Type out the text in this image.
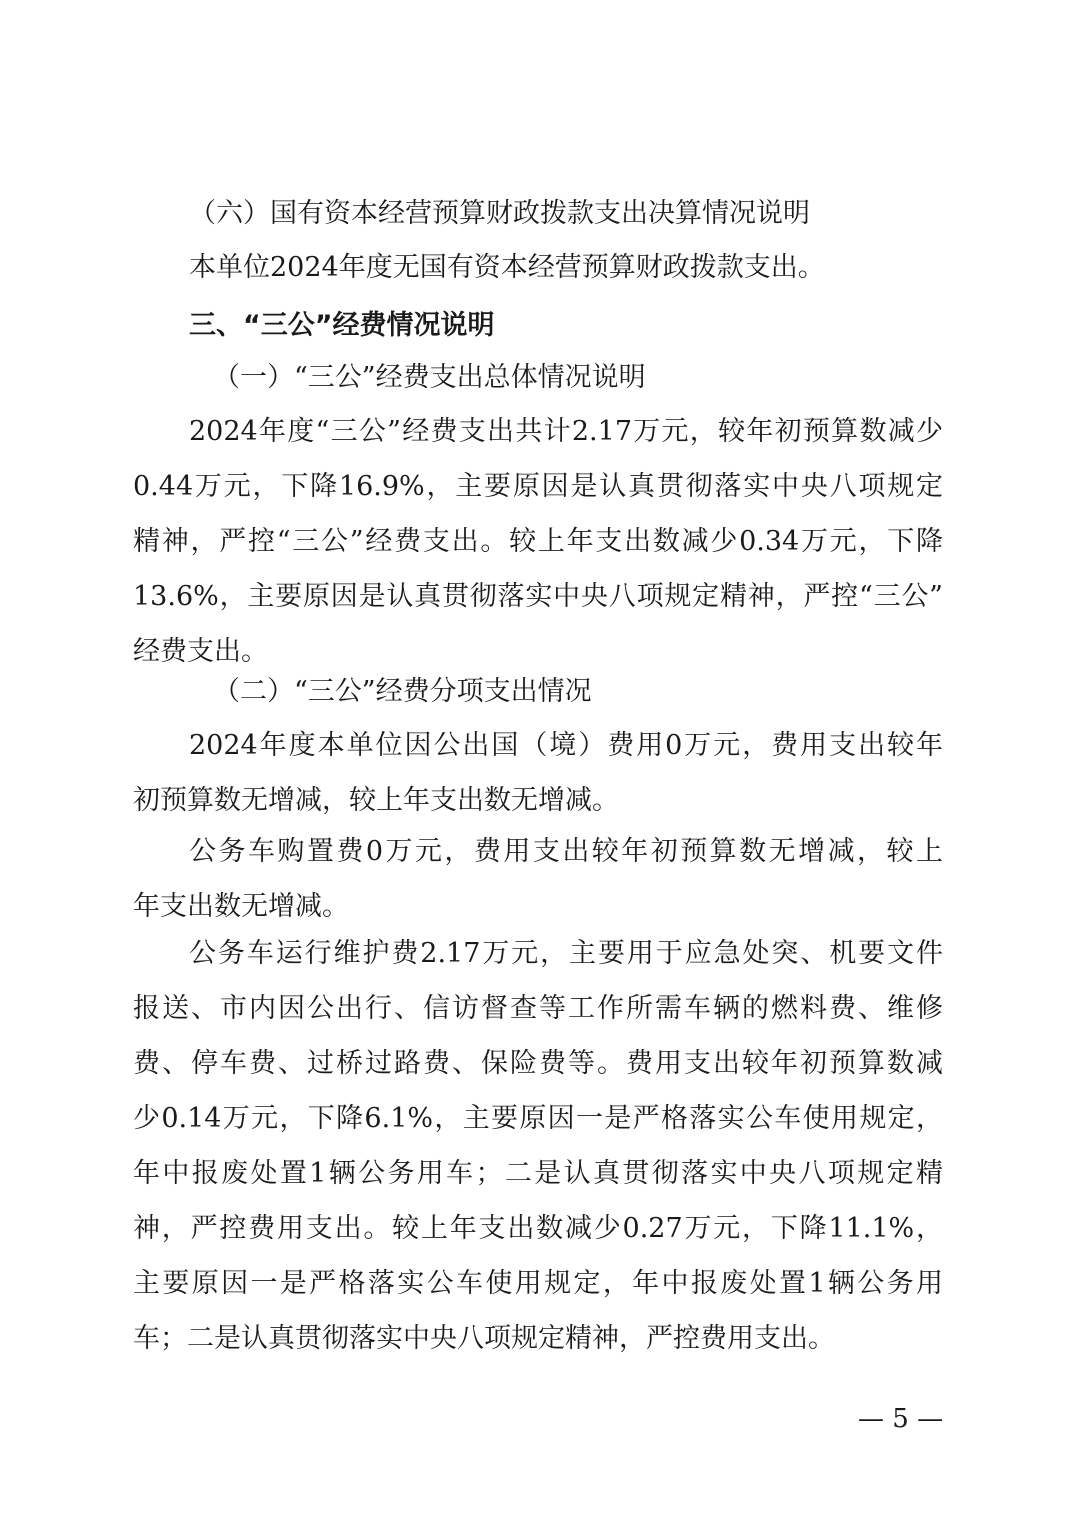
（六）国有资本经营预算财政拨款支出决算情况说明
本单位2024年度无国有资本经营预算财政拨款支出。
三、“三公”经费情况说明
（一）“三公”经费支出总体情况说明
2024年度“三公”经费支出共计2.17万元，较年初预算数减少
0.44万元，下降16.9%，主要原因是认真贯彻落实中央八项规定
精神，严控“三公”经费支出。较上年支出数减少0.34万元，下降
13.6%，主要原因是认真贯彻落实中央八项规定精神，严控“三公”
经费支出。
（二）“三公”经费分项支出情况
2024年度本单位因公出国（境）费用0万元，费用支出较年
初预算数无增减，较上年支出数无增减。
公务车购置费0万元，费用支出较年初预算数无增减，较上
年支出数无增减。
公务车运行维护费2.17万元，主要用于应急处突、机要文件
报送、市内因公出行、信访督查等工作所需车辆的燃料费、维修
费、停车费、过桥过路费、保险费等。费用支出较年初预算数减
少0.14万元，下降6.1%，主要原因一是严格落实公车使用规定，
年中报废处置1辆公务用车；二是认真贯彻落实中央八项规定精
神，严控费用支出。较上年支出数减少0.27万元，下降11.1%，
主要原因一是严格落实公车使用规定，年中报废处置1辆公务用
车；二是认真贯彻落实中央八项规定精神，严控费用支出。
— 5 —
